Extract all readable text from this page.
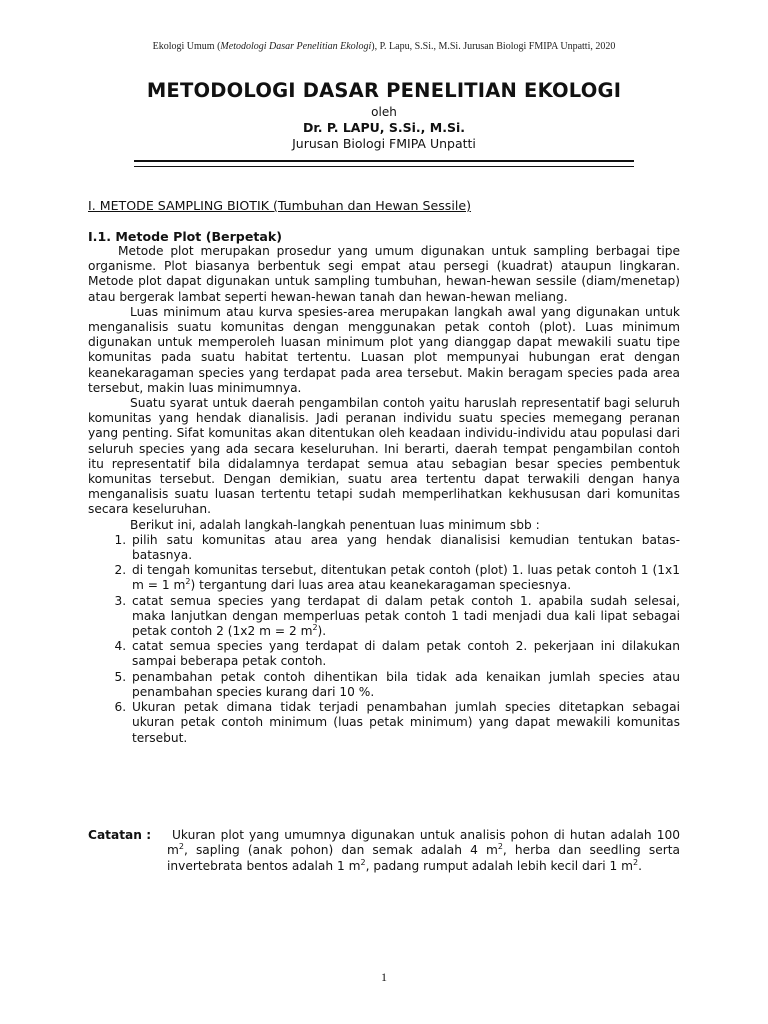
Ekologi Umum (Metodologi Dasar Penelitian Ekologi), P. Lapu, S.Si., M.Si. Jurusan Biologi FMIPA Unpatti, 2020

METODOLOGI DASAR PENELITIAN EKOLOGI

oleh

Dr. P. LAPU, S.Si., M.Si.

Jurusan Biologi FMIPA Unpatti

I. METODE SAMPLING BIOTIK (Tumbuhan dan Hewan Sessile)
I.1. Metode Plot (Berpetak)

Metode plot merupakan prosedur yang umum digunakan untuk sampling berbagai tipe organisme. Plot biasanya berbentuk segi empat atau persegi (kuadrat) ataupun lingkaran. Metode plot dapat digunakan untuk sampling tumbuhan, hewan-hewan sessile (diam/menetap) atau bergerak lambat seperti hewan-hewan tanah dan hewan-hewan meliang.

Luas minimum atau kurva spesies-area merupakan langkah awal yang digunakan untuk menganalisis suatu komunitas dengan menggunakan petak contoh (plot). Luas minimum digunakan untuk memperoleh luasan minimum plot yang dianggap dapat mewakili suatu tipe komunitas pada suatu habitat tertentu. Luasan plot mempunyai hubungan erat dengan keanekaragaman species yang terdapat pada area tersebut. Makin beragam species pada area tersebut, makin luas minimumnya.

Suatu syarat untuk daerah pengambilan contoh yaitu haruslah representatif bagi seluruh komunitas yang hendak dianalisis. Jadi peranan individu suatu species memegang peranan yang penting. Sifat komunitas akan ditentukan oleh keadaan individu-individu atau populasi dari seluruh species yang ada secara keseluruhan. Ini berarti, daerah tempat pengambilan contoh itu representatif bila didalamnya terdapat semua atau sebagian besar species pembentuk komunitas tersebut. Dengan demikian, suatu area tertentu dapat terwakili dengan hanya menganalisis suatu luasan tertentu tetapi sudah memperlihatkan kekhususan dari komunitas secara keseluruhan.

Berikut ini, adalah langkah-langkah penentuan luas minimum sbb :

1. pilih satu komunitas atau area yang hendak dianalisisi kemudian tentukan batas-batasnya.
2. di tengah komunitas tersebut, ditentukan petak contoh (plot) 1. luas petak contoh 1 (1x1 m = 1 $m^2$) tergantung dari luas area atau keanekaragaman speciesnya.
3. catat semua species yang terdapat di dalam petak contoh 1. apabila sudah selesai, maka lanjutkan dengan memperluas petak contoh 1 tadi menjadi dua kali lipat sebagai petak contoh 2 (1x2 m = 2 $m^2$).
4. catat semua species yang terdapat di dalam petak contoh 2. pekerjaan ini dilakukan sampai beberapa petak contoh.
5. penambahan petak contoh dihentikan bila tidak ada kenaikan jumlah species atau penambahan species kurang dari 10 %.
6. Ukuran petak dimana tidak terjadi penambahan jumlah species ditetapkan sebagai ukuran petak contoh minimum (luas petak minimum) yang dapat mewakili komunitas tersebut.
Catatan :	Ukuran plot yang umumnya digunakan untuk analisis pohon di hutan adalah 100 $m^2$, sapling (anak pohon) dan semak adalah 4 $m^2$, herba dan seedling serta invertebrata bentos adalah 1 $m^2$, padang rumput adalah lebih kecil dari 1 $m^2$.
1
